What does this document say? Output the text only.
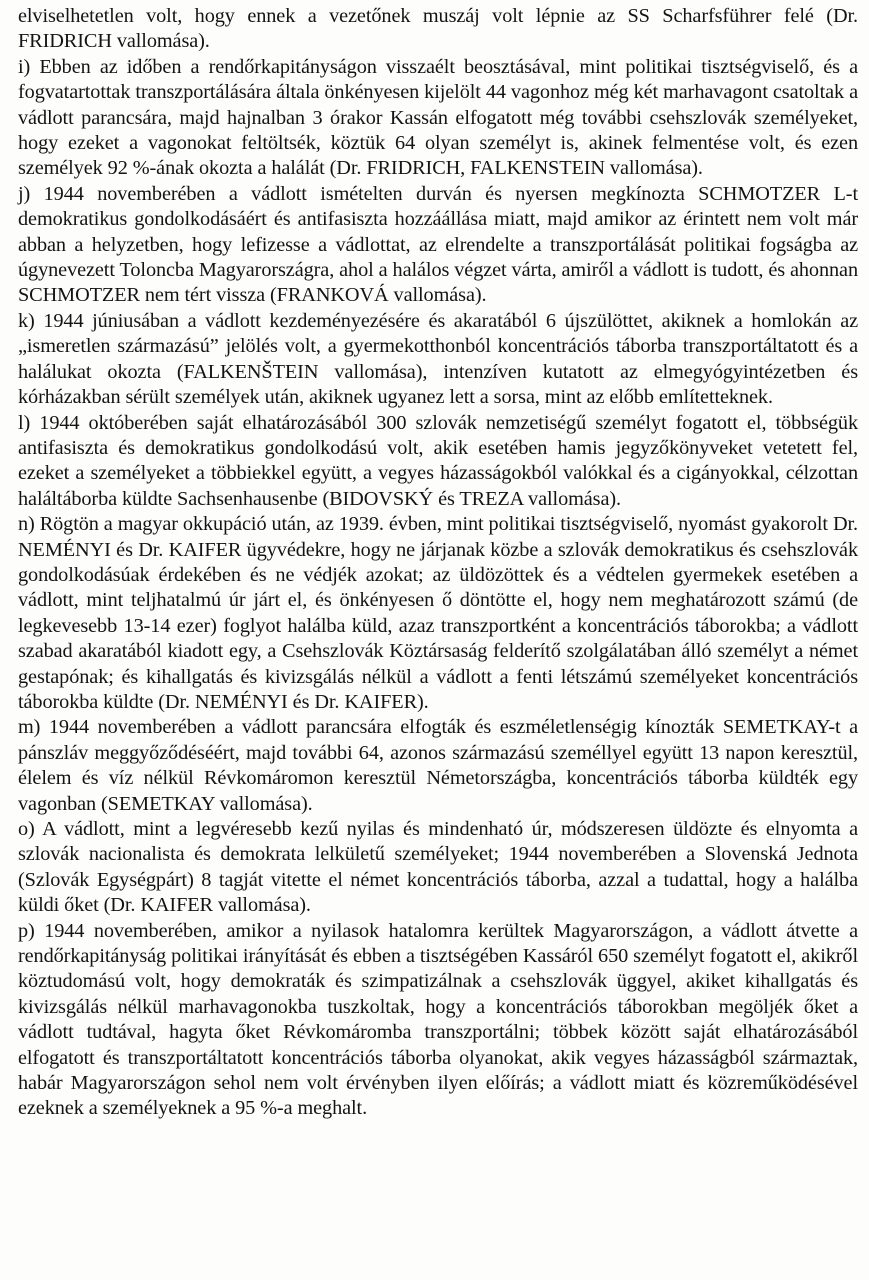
elviselhetetlen volt, hogy ennek a vezetőnek muszáj volt lépnie az SS Scharfsführer felé (Dr. FRIDRICH vallomása).

i) Ebben az időben a rendőrkapitányságon visszaélt beosztásával, mint politikai tisztségviselő, és a fogvatartottak transzportálására általa önkényesen kijelölt 44 vagonhoz még két marhavagont csatoltak a vádlott parancsára, majd hajnalban 3 órakor Kassán elfogatott még további csehszlovák személyeket, hogy ezeket a vagonokat feltöltsék, köztük 64 olyan személyt is, akinek felmentése volt, és ezen személyek 92 %-ának okozta a halálát (Dr. FRIDRICH, FALKENSTEIN vallomása).

j) 1944 novemberében a vádlott ismételten durván és nyersen megkínozta SCHMOTZER L-t demokratikus gondolkodásáért és antifasiszta hozzáállása miatt, majd amikor az érintett nem volt már abban a helyzetben, hogy lefizesse a vádlottat, az elrendelte a transzportálását politikai fogságba az úgynevezett Toloncba Magyarországra, ahol a halálos végzet várta, amiről a vádlott is tudott, és ahonnan SCHMOTZER nem tért vissza (FRANKOVÁ vallomása).

k) 1944 júniusában a vádlott kezdeményezésére és akaratából 6 újszülöttet, akiknek a homlokán az „ismeretlen származású” jelölés volt, a gyermekotthonból koncentrációs táborba transzportáltatott és a halálukat okozta (FALKENŠTEIN vallomása), intenzíven kutatott az elmegyógyintézetben és kórházakban sérült személyek után, akiknek ugyanez lett a sorsa, mint az előbb említetteknek.

l) 1944 októberében saját elhatározásából 300 szlovák nemzetiségű személyt fogatott el, többségük antifasiszta és demokratikus gondolkodású volt, akik esetében hamis jegyzőkönyveket vetetett fel, ezeket a személyeket a többiekkel együtt, a vegyes házasságokból valókkal és a cigányokkal, célzottan haláltáborba küldte Sachsenhausenbe (BIDOVSKÝ és TREZA vallomása).

n) Rögtön a magyar okkupáció után, az 1939. évben, mint politikai tisztségviselő, nyomást gyakorolt Dr. NEMÉNYI és Dr. KAIFER ügyvédekre, hogy ne járjanak közbe a szlovák demokratikus és csehszlovák gondolkodásúak érdekében és ne védjék azokat; az üldözöttek és a védtelen gyermekek esetében a vádlott, mint teljhatalmú úr járt el, és önkényesen ő döntötte el, hogy nem meghatározott számú (de legkevesebb 13-14 ezer) foglyot halálba küld, azaz transzportként a koncentrációs táborokba; a vádlott szabad akaratából kiadott egy, a Csehszlovák Köztársaság felderítő szolgálatában álló személyt a német gestapónak; és kihallgatás és kivizsgálás nélkül a vádlott a fenti létszámú személyeket koncentrációs táborokba küldte (Dr. NEMÉNYI és Dr. KAIFER).

m) 1944 novemberében a vádlott parancsára elfogták és eszméletlenségig kínozták SEMETKAY-t a pánszláv meggyőződéséért, majd további 64, azonos származású személlyel együtt 13 napon keresztül, élelem és víz nélkül Révkomáromon keresztül Németországba, koncentrációs táborba küldték egy vagonban (SEMETKAY vallomása).

o) A vádlott, mint a legvéresebb kezű nyilas és mindenható úr, módszeresen üldözte és elnyomta a szlovák nacionalista és demokrata lelkületű személyeket; 1944 novemberében a Slovenská Jednota (Szlovák Egységpárt) 8 tagját vitette el német koncentrációs táborba, azzal a tudattal, hogy a halálba küldi őket (Dr. KAIFER vallomása).

p) 1944 novemberében, amikor a nyilasok hatalomra kerültek Magyarországon, a vádlott átvette a rendőrkapitányság politikai irányítását és ebben a tisztségében Kassáról 650 személyt fogatott el, akikről köztudomású volt, hogy demokraták és szimpatizálnak a csehszlovák üggyel, akiket kihallgatás és kivizsgálás nélkül marhavagonokba tuszkoltak, hogy a koncentrációs táborokban megöljék őket a vádlott tudtával, hagyta őket Révkomáromba transzportálni; többek között saját elhatározásából elfogatott és transzportáltatott koncentrációs táborba olyanokat, akik vegyes házasságból származtak, habár Magyarországon sehol nem volt érvényben ilyen előírás; a vádlott miatt és közreműködésével ezeknek a személyeknek a 95 %-a meghalt.
